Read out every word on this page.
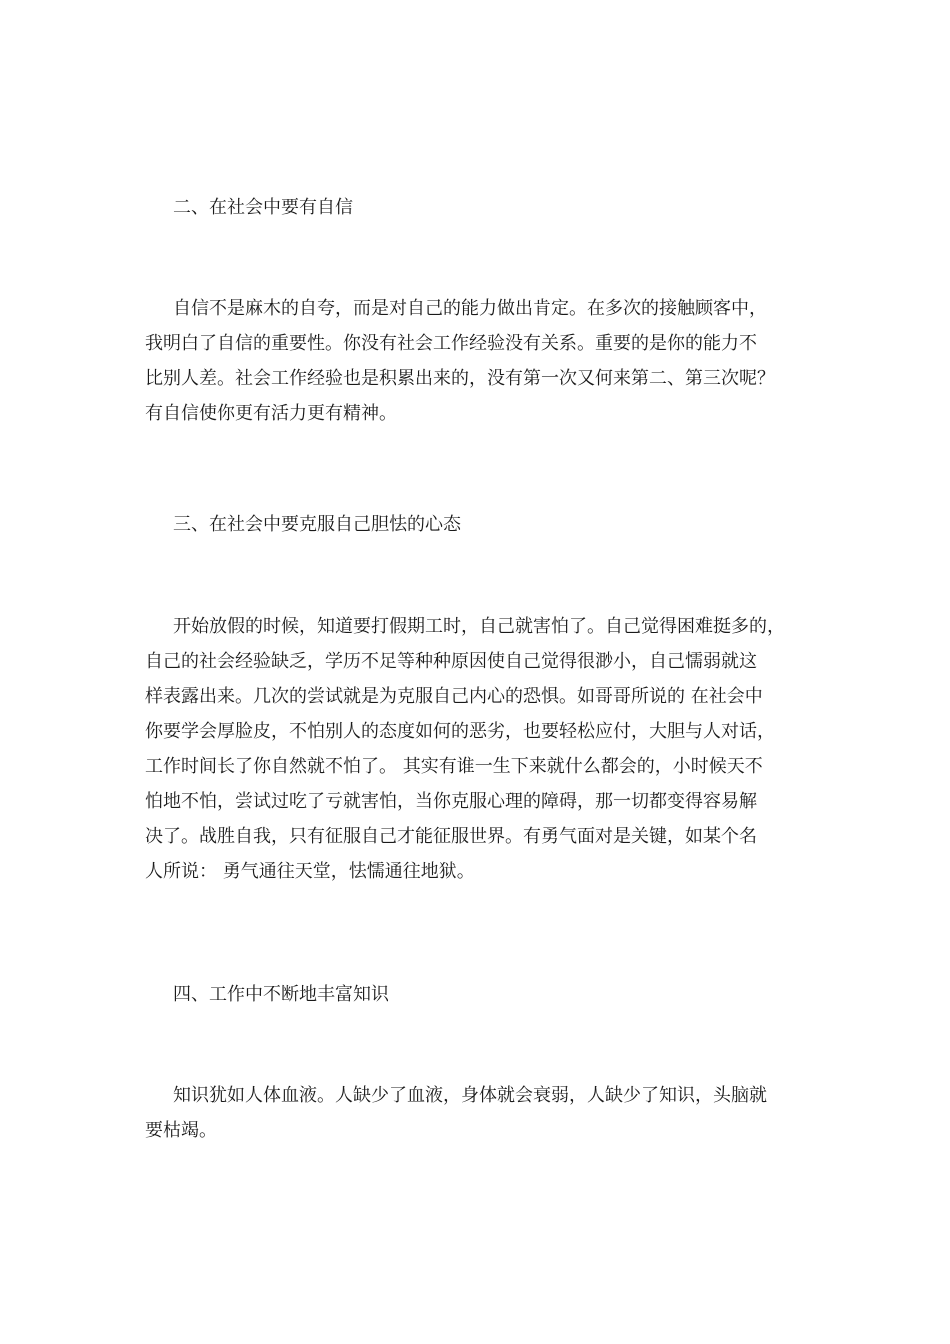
二、在社会中要有自信
自信不是麻木的自夸，而是对自己的能力做出肯定。在多次的接触顾客中，
我明白了自信的重要性。你没有社会工作经验没有关系。重要的是你的能力不
比别人差。社会工作经验也是积累出来的，没有第一次又何来第二、第三次呢？
有自信使你更有活力更有精神。
三、在社会中要克服自己胆怯的心态
开始放假的时候，知道要打假期工时，自己就害怕了。自己觉得困难挺多的，
自己的社会经验缺乏，学历不足等种种原因使自己觉得很渺小，自己懦弱就这
样表露出来。几次的尝试就是为克服自己内心的恐惧。如哥哥所说的 在社会中
你要学会厚脸皮，不怕别人的态度如何的恶劣，也要轻松应付，大胆与人对话，
工作时间长了你自然就不怕了。 其实有谁一生下来就什么都会的，小时候天不
怕地不怕，尝试过吃了亏就害怕，当你克服心理的障碍，那一切都变得容易解
决了。战胜自我，只有征服自己才能征服世界。有勇气面对是关键，如某个名
人所说： 勇气通往天堂，怯懦通往地狱。
四、工作中不断地丰富知识
知识犹如人体血液。人缺少了血液，身体就会衰弱，人缺少了知识，头脑就
要枯竭。
